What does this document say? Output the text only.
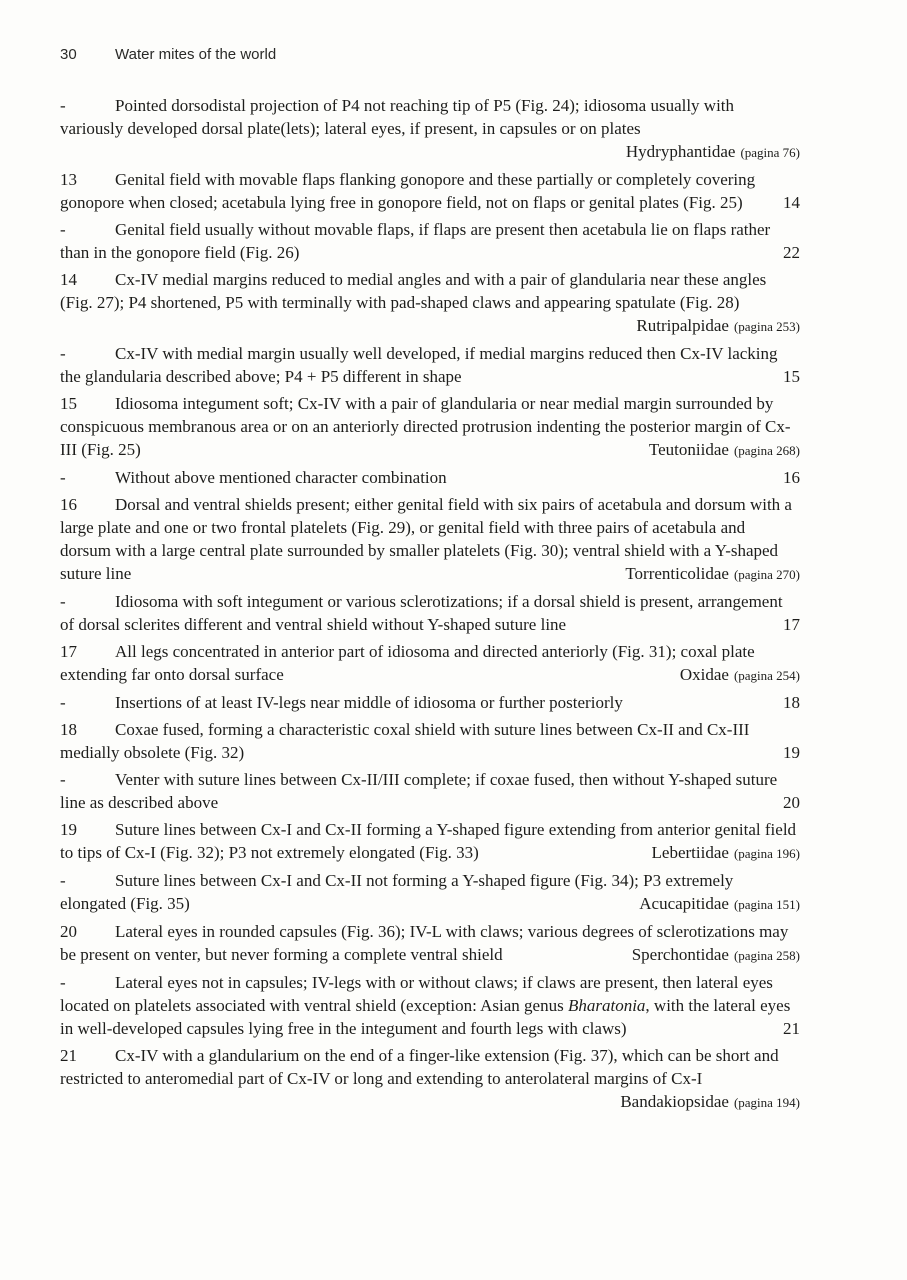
30	Water mites of the world

-	Pointed dorsodistal projection of P4 not reaching tip of P5 (Fig. 24); idiosoma usually with variously developed dorsal plate(lets); lateral eyes, if present, in capsules or on plates
Hydryphantidae (pagina 76)

13 Genital field with movable flaps flanking gonopore and these partially or completely covering gonopore when closed; acetabula lying free in gonopore field, not on flaps or genital plates (Fig. 25)	14

-	Genital field usually without movable flaps, if flaps are present then acetabula lie on flaps rather than in the gonopore field (Fig. 26)	22

14 Cx-IV medial margins reduced to medial angles and with a pair of glandularia near these angles (Fig. 27); P4 shortened, P5 with terminally with pad-shaped claws and appearing spatulate (Fig. 28)
Rutripalpidae (pagina 253)

-	Cx-IV with medial margin usually well developed, if medial margins reduced then Cx-IV lacking the glandularia described above; P4 + P5 different in shape	15

15 Idiosoma integument soft; Cx-IV with a pair of glandularia or near medial margin surrounded by conspicuous membranous area or on an anteriorly directed protrusion indenting the posterior margin of Cx-III (Fig. 25)	Teutoniidae (pagina 268)

-	Without above mentioned character combination	16

16 Dorsal and ventral shields present; either genital field with six pairs of acetabula and dorsum with a large plate and one or two frontal platelets (Fig. 29), or genital field with three pairs of acetabula and dorsum with a large central plate surrounded by smaller platelets (Fig. 30); ventral shield with a Y-shaped suture line	Torrenticolidae (pagina 270)

-	Idiosoma with soft integument or various sclerotizations; if a dorsal shield is present, arrangement of dorsal sclerites different and ventral shield without Y-shaped suture line	17

17 All legs concentrated in anterior part of idiosoma and directed anteriorly (Fig. 31); coxal plate extending far onto dorsal surface	Oxidae (pagina 254)

-	Insertions of at least IV-legs near middle of idiosoma or further posteriorly	18

18 Coxae fused, forming a characteristic coxal shield with suture lines between Cx-II and Cx-III medially obsolete (Fig. 32)	19

-	Venter with suture lines between Cx-II/III complete; if coxae fused, then without Y-shaped suture line as described above	20

19 Suture lines between Cx-I and Cx-II forming a Y-shaped figure extending from anterior genital field to tips of Cx-I (Fig. 32); P3 not extremely elongated (Fig. 33)	Lebertiidae (pagina 196)

-	Suture lines between Cx-I and Cx-II not forming a Y-shaped figure (Fig. 34); P3 extremely elongated (Fig. 35)	Acucapitidae (pagina 151)

20 Lateral eyes in rounded capsules (Fig. 36); IV-L with claws; various degrees of sclerotizations may be present on venter, but never forming a complete ventral shield	Sperchontidae (pagina 258)

-	Lateral eyes not in capsules; IV-legs with or without claws; if claws are present, then lateral eyes located on platelets associated with ventral shield (exception: Asian genus Bharatonia, with the lateral eyes in well-developed capsules lying free in the integument and fourth legs with claws)	21

21 Cx-IV with a glandularium on the end of a finger-like extension (Fig. 37), which can be short and restricted to anteromedial part of Cx-IV or long and extending to anterolateral margins of Cx-I
Bandakiopsidae (pagina 194)
